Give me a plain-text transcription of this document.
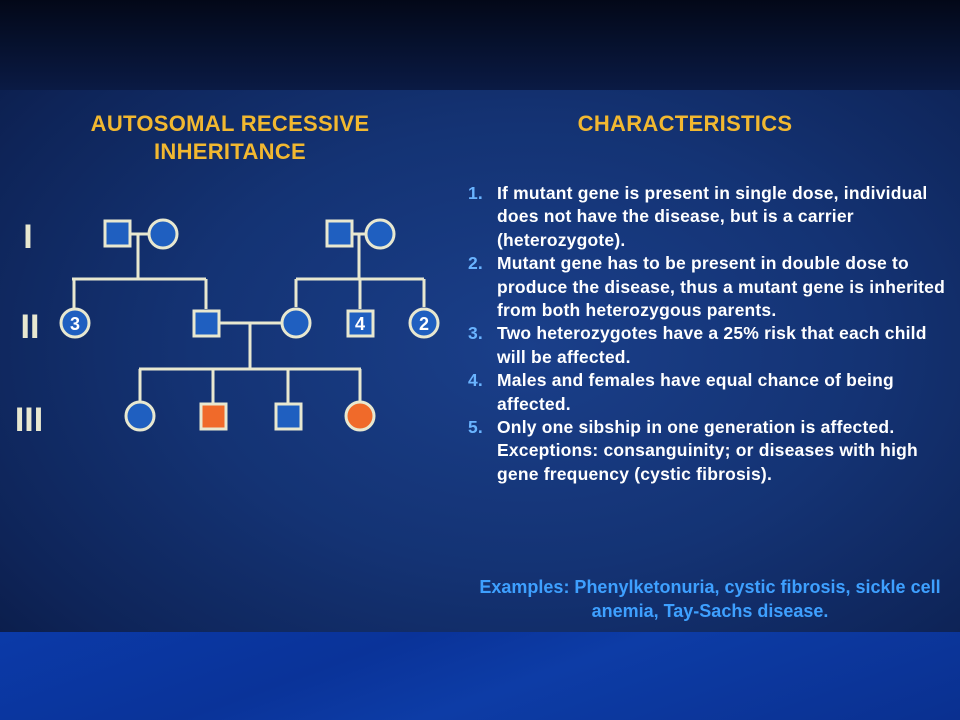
AUTOSOMAL RECESSIVE
INHERITANCE
CHARACTERISTICS
I
II
III
3	4	2
1. If mutant gene is present in single dose, individual does not have the disease, but is a carrier (heterozygote).
2. Mutant gene has to be present in double dose to produce the disease, thus a mutant gene is inherited from both heterozygous parents.
3. Two heterozygotes have a 25% risk that each child will be affected.
4. Males and females have equal chance of being affected.
5. Only one sibship in one generation is affected. Exceptions: consanguinity; or diseases with high gene frequency (cystic fibrosis).
Examples: Phenylketonuria, cystic fibrosis, sickle cell anemia, Tay-Sachs disease.
